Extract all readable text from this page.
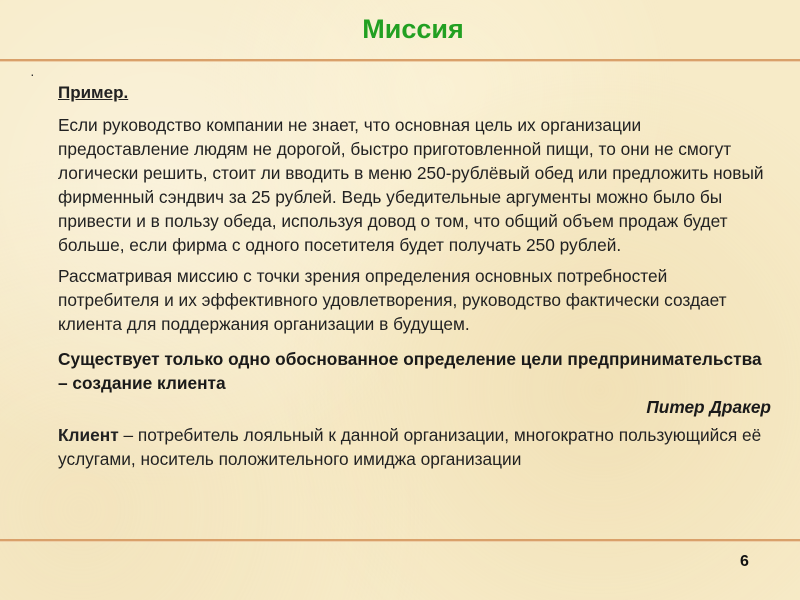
Миссия
·

Пример.

Если руководство компании не знает, что основная цель их организации предоставление людям не дорогой, быстро приготовленной пищи, то они не смогут логически решить, стоит ли вводить в меню 250-рублёвый обед или предложить новый фирменный сэндвич за 25 рублей. Ведь убедительные аргументы можно было бы привести и в пользу обеда, используя довод о том, что общий объем продаж будет больше, если фирма с одного посетителя будет получать 250 рублей.

Рассматривая миссию с точки зрения определения основных потребностей потребителя и их эффективного удовлетворения, руководство фактически создает клиента для поддержания организации в будущем.

Существует только одно обоснованное определение цели предпринимательства – создание клиента

Питер Дракер

Клиент – потребитель лояльный к данной организации, многократно пользующийся её услугами, носитель положительного имиджа организации

6
